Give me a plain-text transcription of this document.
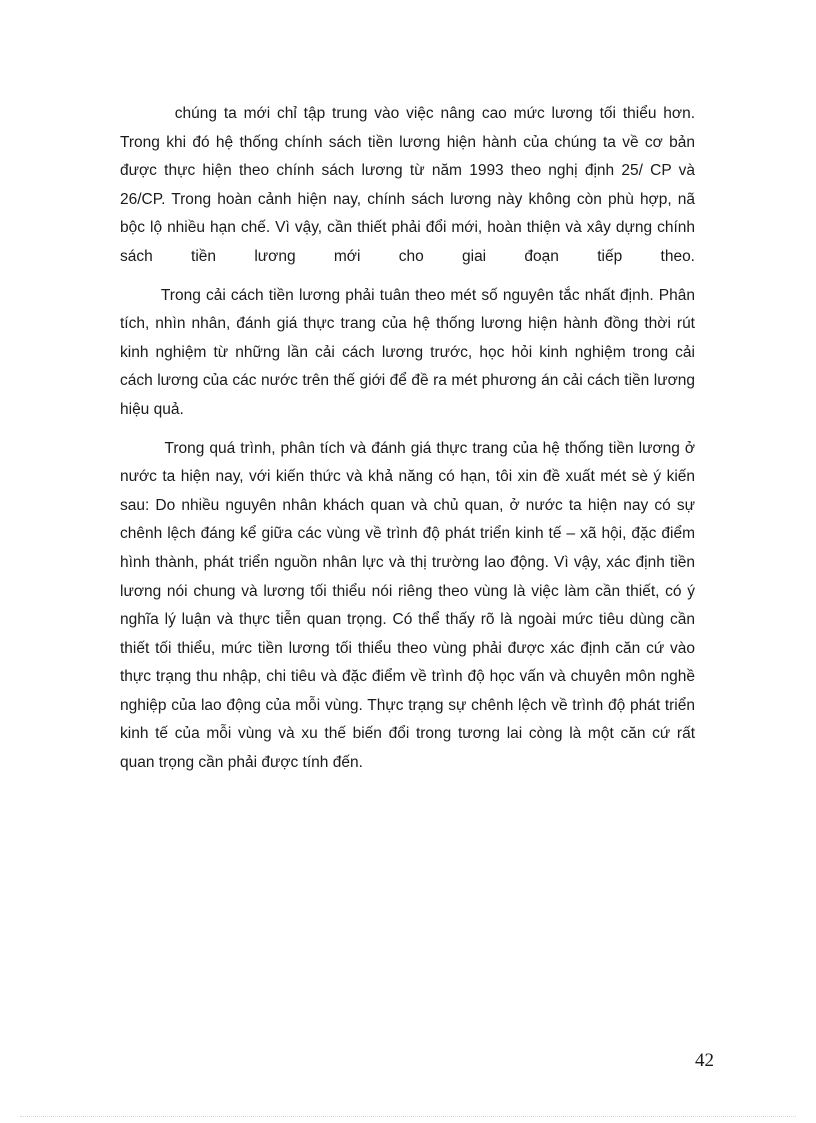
chúng ta mới chỉ tập trung vào việc nâng cao mức lương tối thiểu hơn.
Trong khi đó hệ thống chính sách tiền lương hiện hành của chúng ta về cơ bản
được thực hiện theo chính sách lương từ năm 1993 theo nghị định 25/ CP và
26/CP. Trong hoàn cảnh hiện nay, chính sách lương này không còn phù hợp, nã
bộc lộ nhiều hạn chế. Vì vậy, cần thiết phải đổi mới, hoàn thiện và xây dựng chính
sách tiền lương mới cho giai đoạn tiếp theo.
Trong cải cách tiền lương phải tuân theo mét số nguyên tắc nhất định. Phân
tích, nhìn nhân, đánh giá thực trang của hệ thống lương hiện hành đồng thời rút
kinh nghiệm từ những lần cải cách lương trước, học hỏi kinh nghiệm trong cải
cách lương của các nước trên thế giới để đề ra mét phương án cải cách tiền lương
hiệu quả.
Trong quá trình, phân tích và đánh giá thực trang của hệ thống tiền lương ở
nước ta hiện nay, với kiến thức và khả năng có hạn, tôi xin đề xuất mét sè ý kiến
sau: Do nhiều nguyên nhân khách quan và chủ quan, ở nước ta hiện nay có sự
chênh lệch đáng kể giữa các vùng về trình độ phát triển kinh tế – xã hội, đặc điểm
hình thành, phát triển nguồn nhân lực và thị trường lao động. Vì vậy, xác định tiền
lương nói chung và lương tối thiểu nói riêng theo vùng là việc làm cần thiết, có ý
nghĩa lý luận và thực tiễn quan trọng. Có thể thấy rõ là ngoài mức tiêu dùng cần
thiết tối thiểu, mức tiền lương tối thiểu theo vùng phải được xác định căn cứ vào
thực trạng thu nhập, chi tiêu và đặc điểm về trình độ học vấn và chuyên môn nghề
nghiệp của lao động của mỗi vùng. Thực trạng sự chênh lệch về trình độ phát triển
kinh tế của mỗi vùng và xu thế biến đổi trong tương lai còng là một căn cứ rất
quan trọng cần phải được tính đến.
42
